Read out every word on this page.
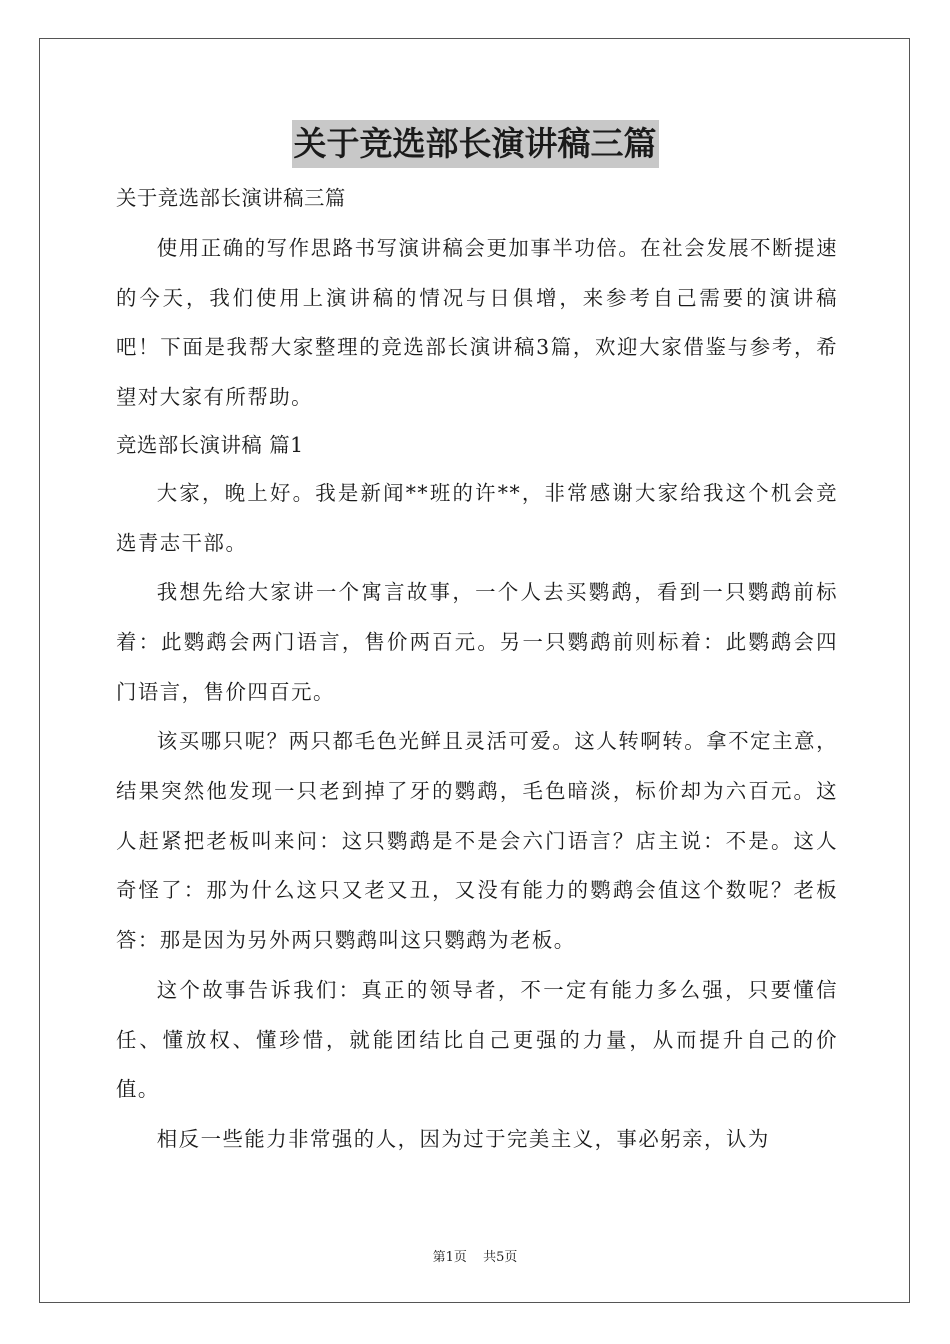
关于竞选部长演讲稿三篇
关于竞选部长演讲稿三篇

使用正确的写作思路书写演讲稿会更加事半功倍。在社会发展不断提速的今天，我们使用上演讲稿的情况与日俱增，来参考自己需要的演讲稿吧！下面是我帮大家整理的竞选部长演讲稿3篇，欢迎大家借鉴与参考，希望对大家有所帮助。

竞选部长演讲稿 篇1

大家，晚上好。我是新闻**班的许**，非常感谢大家给我这个机会竞选青志干部。

我想先给大家讲一个寓言故事，一个人去买鹦鹉，看到一只鹦鹉前标着：此鹦鹉会两门语言，售价两百元。另一只鹦鹉前则标着：此鹦鹉会四门语言，售价四百元。

该买哪只呢？两只都毛色光鲜且灵活可爱。这人转啊转。拿不定主意，结果突然他发现一只老到掉了牙的鹦鹉，毛色暗淡，标价却为六百元。这人赶紧把老板叫来问：这只鹦鹉是不是会六门语言？店主说：不是。这人奇怪了：那为什么这只又老又丑，又没有能力的鹦鹉会值这个数呢？老板答：那是因为另外两只鹦鹉叫这只鹦鹉为老板。

这个故事告诉我们：真正的领导者，不一定有能力多么强，只要懂信任、懂放权、懂珍惜，就能团结比自己更强的力量，从而提升自己的价值。

相反一些能力非常强的人，因为过于完美主义，事必躬亲，认为

第1页 共5页
